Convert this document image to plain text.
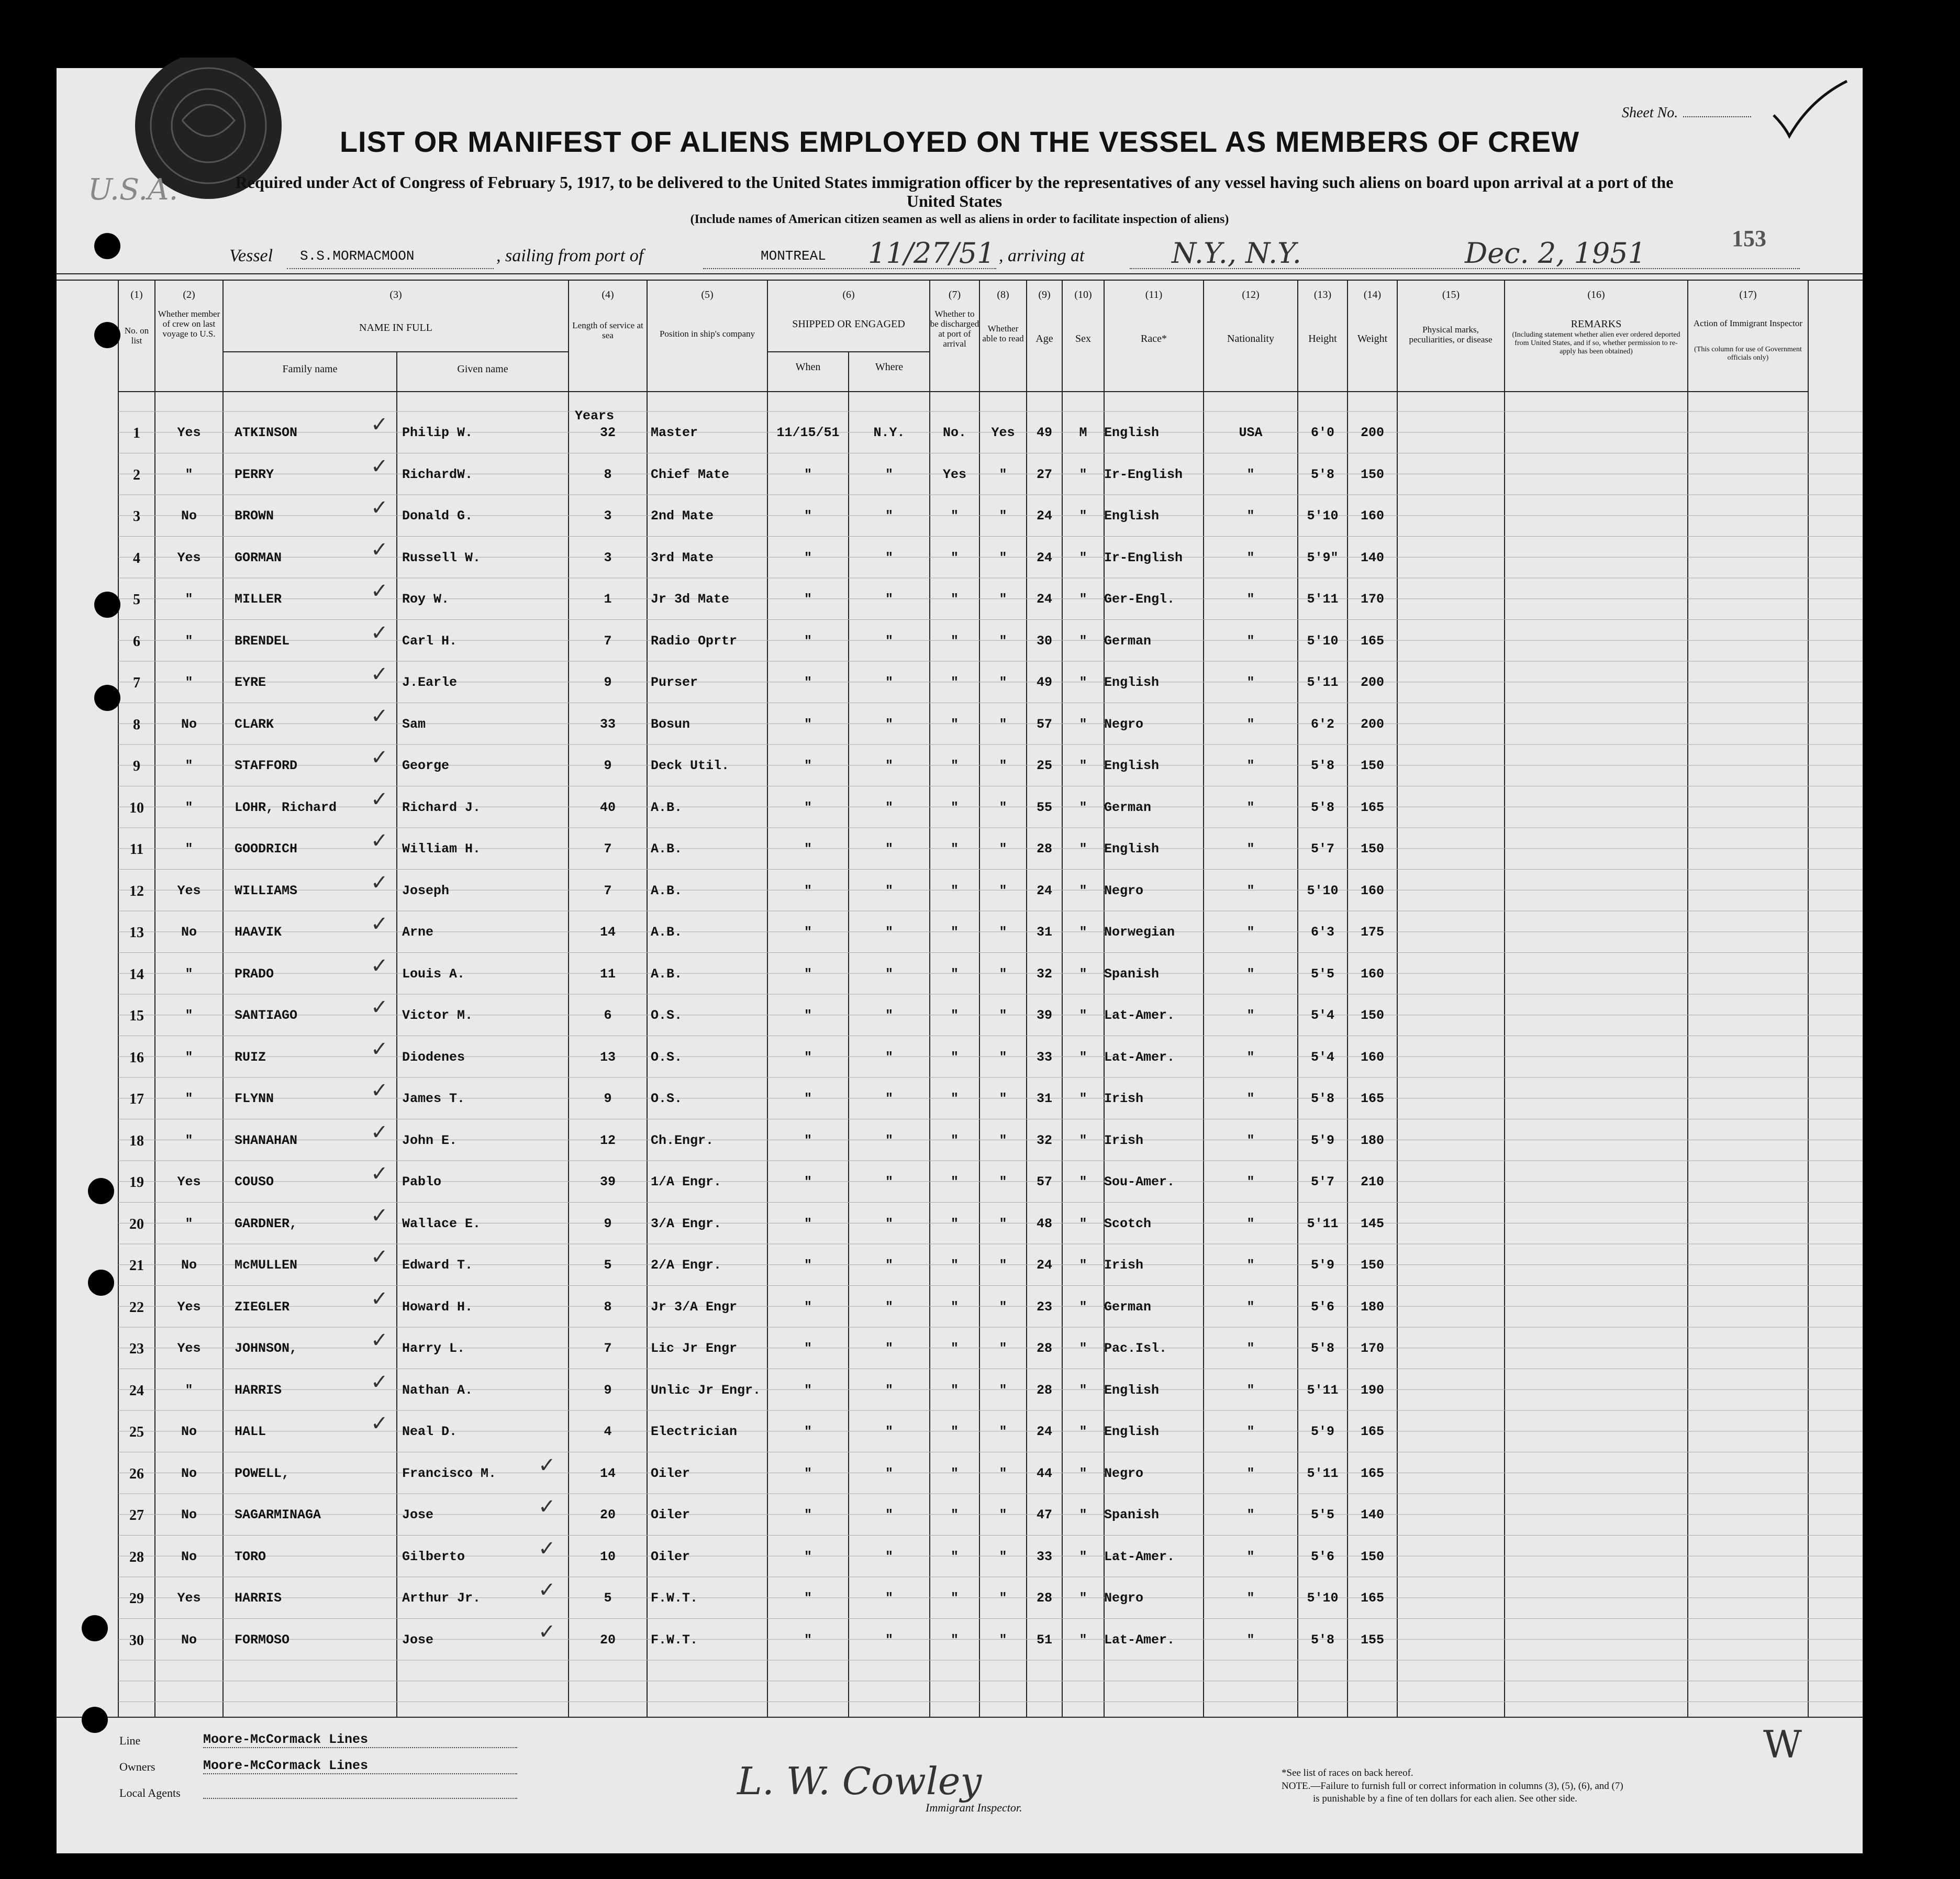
Sheet No.
LIST OR MANIFEST OF ALIENS EMPLOYED ON THE VESSEL AS MEMBERS OF CREW
U.S.A.	Required under Act of Congress of February 5, 1917, to be delivered to the United States immigration officer by the representatives of any vessel having such aliens on board upon arrival at a port of the United States
(Include names of American citizen seamen as well as aliens in order to facilitate inspection of aliens)
153
Vessel S.S.MORMACMOON	, sailing from port of	MONTREAL 11/27/51 , arriving at	N.Y., N.Y.	Dec. 2, 1951
(1)
No. on list
(2)
Whether member of crew on last voyage to U.S.
(3)
NAME IN FULL
Family name	Given name
(4)
Length of service at sea
(5)
Position in ship's company
(6)
SHIPPED OR ENGAGED
When	Where
(7)
Whether to be discharged at port of arrival
(8)
Whether able to read
(9)
Age
(10)
Sex
(11)
Race*
(12)
Nationality
(13)
Height
(14)
Weight
(15)
Physical marks, peculiarities, or disease
(16)
REMARKS
(Including statement whether alien ever ordered deported from United States, and if so, whether permission to re-apply has been obtained)
(17)
Action of Immigrant Inspector
(This column for use of Government officials only)
Years
1	Yes	ATKINSON	Philip W.	32	Master	11/15/51	N.Y.	No.	Yes	49	M	English	USA	6'0	200
✓
2	"	PERRY	RichardW.	8	Chief Mate	"	"	Yes	"	27	"	Ir-English	"	5'8	150
✓
3	No	BROWN	Donald G.	3	2nd Mate	"	"	"	"	24	"	English	"	5'10	160
✓
4	Yes	GORMAN	Russell W.	3	3rd Mate	"	"	"	"	24	"	Ir-English	"	5'9"	140
✓
5	"	MILLER	Roy W.	1	Jr 3d Mate	"	"	"	"	24	"	Ger-Engl.	"	5'11	170
✓
6	"	BRENDEL	Carl H.	7	Radio Oprtr	"	"	"	"	30	"	German	"	5'10	165
✓
7	"	EYRE	J.Earle	9	Purser	"	"	"	"	49	"	English	"	5'11	200
✓
8	No	CLARK	Sam	33	Bosun	"	"	"	"	57	"	Negro	"	6'2	200
✓
9	"	STAFFORD	George	9	Deck Util.	"	"	"	"	25	"	English	"	5'8	150
✓
10	"	LOHR, Richard	Richard J.	40	A.B.	"	"	"	"	55	"	German	"	5'8	165
✓
11	"	GOODRICH	William H.	7	A.B.	"	"	"	"	28	"	English	"	5'7	150
✓
12	Yes	WILLIAMS	Joseph	7	A.B.	"	"	"	"	24	"	Negro	"	5'10	160
✓
13	No	HAAVIK	Arne	14	A.B.	"	"	"	"	31	"	Norwegian	"	6'3	175
✓
14	"	PRADO	Louis A.	11	A.B.	"	"	"	"	32	"	Spanish	"	5'5	160
✓
15	"	SANTIAGO	Victor M.	6	O.S.	"	"	"	"	39	"	Lat-Amer.	"	5'4	150
✓
16	"	RUIZ	Diodenes	13	O.S.	"	"	"	"	33	"	Lat-Amer.	"	5'4	160
✓
17	"	FLYNN	James T.	9	O.S.	"	"	"	"	31	"	Irish	"	5'8	165
✓
18	"	SHANAHAN	John E.	12	Ch.Engr.	"	"	"	"	32	"	Irish	"	5'9	180
✓
19	Yes	COUSO	Pablo	39	1/A Engr.	"	"	"	"	57	"	Sou-Amer.	"	5'7	210
✓
20	"	GARDNER,	Wallace E.	9	3/A Engr.	"	"	"	"	48	"	Scotch	"	5'11	145
✓
21	No	McMULLEN	Edward T.	5	2/A Engr.	"	"	"	"	24	"	Irish	"	5'9	150
✓
22	Yes	ZIEGLER	Howard H.	8	Jr 3/A Engr	"	"	"	"	23	"	German	"	5'6	180
✓
23	Yes	JOHNSON,	Harry L.	7	Lic Jr Engr	"	"	"	"	28	"	Pac.Isl.	"	5'8	170
✓
24	"	HARRIS	Nathan A.	9	Unlic Jr Engr.	"	"	"	"	28	"	English	"	5'11	190
✓
25	No	HALL	Neal D.	4	Electrician	"	"	"	"	24	"	English	"	5'9	165
✓
26	No	POWELL,	Francisco M.	14	Oiler	"	"	"	"	44	"	Negro	"	5'11	165
✓
27	No	SAGARMINAGA	Jose	20	Oiler	"	"	"	"	47	"	Spanish	"	5'5	140
✓
28	No	TORO	Gilberto	10	Oiler	"	"	"	"	33	"	Lat-Amer.	"	5'6	150
✓
29	Yes	HARRIS	Arthur Jr.	5	F.W.T.	"	"	"	"	28	"	Negro	"	5'10	165
✓
30	No	FORMOSO	Jose	20	F.W.T.	"	"	"	"	51	"	Lat-Amer.	"	5'8	155
✓
Line	Moore-McCormack Lines
Owners	Moore-McCormack Lines
Local Agents	L. W. Cowley
Immigrant Inspector.
*See list of races on back hereof.
NOTE.—Failure to furnish full or correct information in columns (3), (5), (6), and (7)
is punishable by a fine of ten dollars for each alien. See other side.
W
